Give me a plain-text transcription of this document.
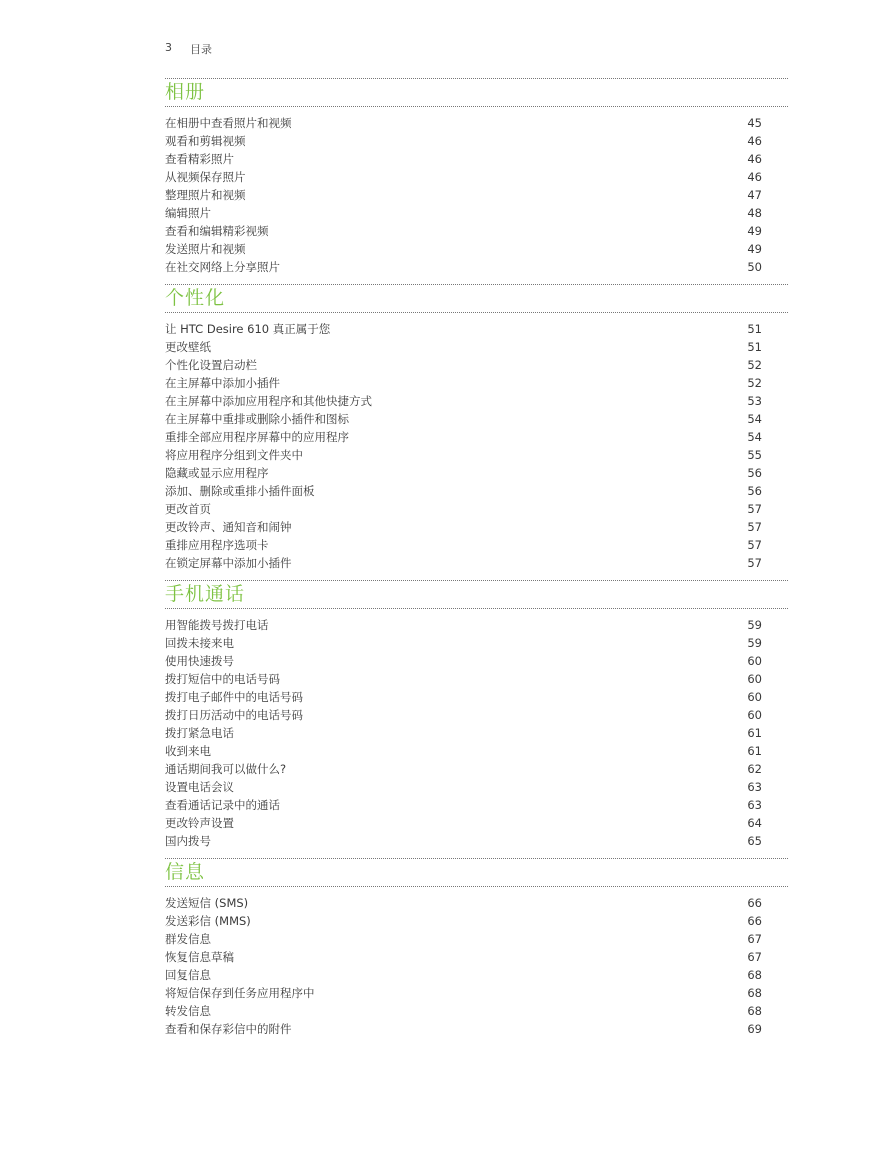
3 目录
相册
在相册中查看照片和视频	45
观看和剪辑视频	46
查看精彩照片	46
从视频保存照片	46
整理照片和视频	47
编辑照片	48
查看和编辑精彩视频	49
发送照片和视频	49
在社交网络上分享照片	50
个性化
让 HTC Desire 610 真正属于您	51
更改壁纸	51
个性化设置启动栏	52
在主屏幕中添加小插件	52
在主屏幕中添加应用程序和其他快捷方式	53
在主屏幕中重排或删除小插件和图标	54
重排全部应用程序屏幕中的应用程序	54
将应用程序分组到文件夹中	55
隐藏或显示应用程序	56
添加、删除或重排小插件面板	56
更改首页	57
更改铃声、通知音和闹钟	57
重排应用程序选项卡	57
在锁定屏幕中添加小插件	57
手机通话
用智能拨号拨打电话	59
回拨未接来电	59
使用快速拨号	60
拨打短信中的电话号码	60
拨打电子邮件中的电话号码	60
拨打日历活动中的电话号码	60
拨打紧急电话	61
收到来电	61
通话期间我可以做什么?	62
设置电话会议	63
查看通话记录中的通话	63
更改铃声设置	64
国内拨号	65
信息
发送短信 (SMS)	66
发送彩信 (MMS)	66
群发信息	67
恢复信息草稿	67
回复信息	68
将短信保存到任务应用程序中	68
转发信息	68
查看和保存彩信中的附件	69
